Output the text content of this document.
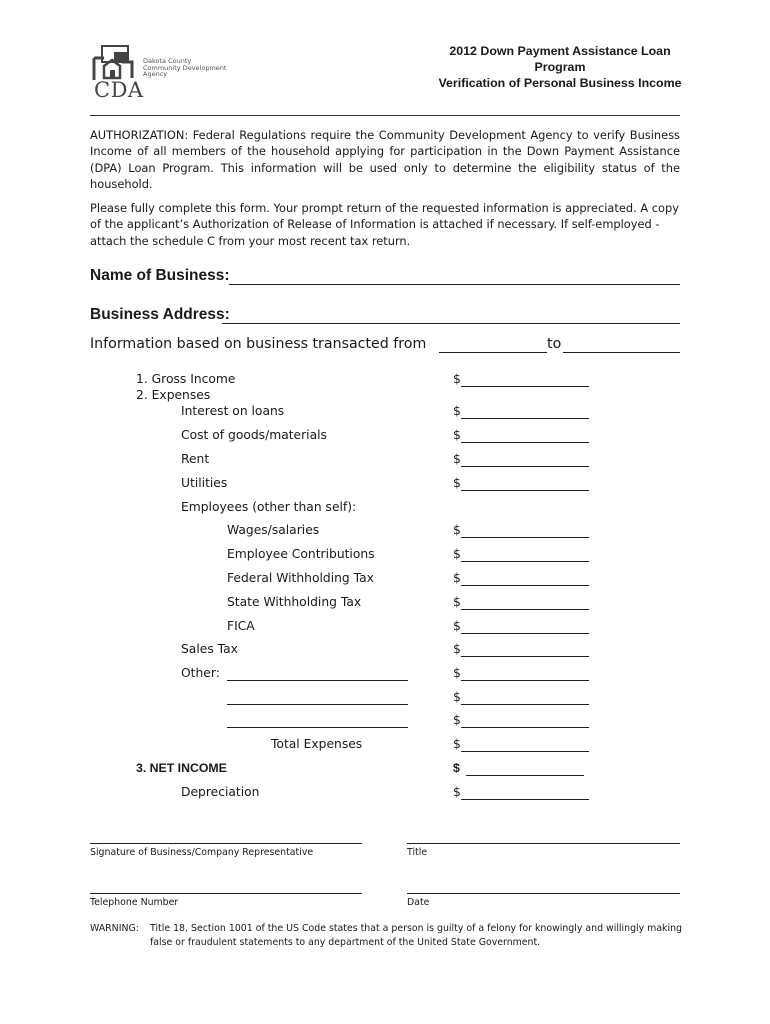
Dakota County
Community Development
Agency
CDA
2012 Down Payment Assistance Loan
Program
Verification of Personal Business Income
AUTHORIZATION: Federal Regulations require the Community Development Agency to verify Business Income of all members of the household applying for participation in the Down Payment Assistance (DPA) Loan Program. This information will be used only to determine the eligibility status of the household.
Please fully complete this form. Your prompt return of the requested information is appreciated. A copy of the applicant’s Authorization of Release of Information is attached if necessary. If self-employed - attach the schedule C from your most recent tax return.
Name of Business:
Business Address:
Information based on business transacted from	to
1. Gross Income	$
2. Expenses
Interest on loans	$
Cost of goods/materials	$
Rent	$
Utilities	$
Employees (other than self):
Wages/salaries	$
Employee Contributions	$
Federal Withholding Tax	$
State Withholding Tax	$
FICA	$
Sales Tax	$
Other:	$
$
$
Total Expenses	$
3. NET INCOME	$
Depreciation	$
Signature of Business/Company Representative	Title
Telephone Number	Date
WARNING: Title 18, Section 1001 of the US Code states that a person is guilty of a felony for knowingly and willingly making false or fraudulent statements to any department of the United State Government.
